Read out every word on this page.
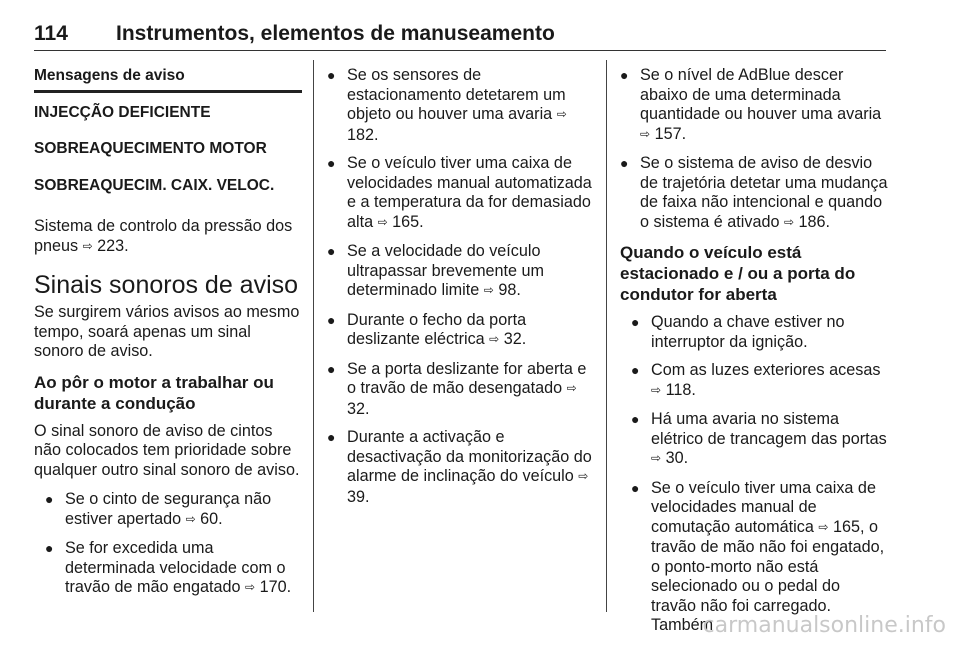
114 Instrumentos, elementos de manuseamento
Mensagens de aviso
INJECÇÃO DEFICIENTE
SOBREAQUECIMENTO MOTOR
SOBREAQUECIM. CAIX. VELOC.

Sistema de controlo da pressão dos pneus ⇨ 223.

Sinais sonoros de aviso

Se surgirem vários avisos ao mesmo tempo, soará apenas um sinal sonoro de aviso.

Ao pôr o motor a trabalhar ou durante a condução

O sinal sonoro de aviso de cintos não colocados tem prioridade sobre qualquer outro sinal sonoro de aviso.

● Se o cinto de segurança não estiver apertado ⇨ 60.
● Se for excedida uma determinada velocidade com o travão de mão engatado ⇨ 170.
● Se os sensores de estacionamento detetarem um objeto ou houver uma avaria ⇨ 182.
● Se o veículo tiver uma caixa de velocidades manual automatizada e a temperatura da for demasiado alta ⇨ 165.
● Se a velocidade do veículo ultrapassar brevemente um determinado limite ⇨ 98.
● Durante o fecho da porta deslizante eléctrica ⇨ 32.
● Se a porta deslizante for aberta e o travão de mão desengatado ⇨ 32.
● Durante a activação e desactivação da monitorização do alarme de inclinação do veículo ⇨ 39.
● Se o nível de AdBlue descer abaixo de uma determinada quantidade ou houver uma avaria ⇨ 157.
● Se o sistema de aviso de desvio de trajetória detetar uma mudança de faixa não intencional e quando o sistema é ativado ⇨ 186.
Quando o veículo está estacionado e / ou a porta do condutor for aberta
● Quando a chave estiver no interruptor da ignição.
● Com as luzes exteriores acesas ⇨ 118.
● Há uma avaria no sistema elétrico de trancagem das portas ⇨ 30.
● Se o veículo tiver uma caixa de velocidades manual de comutação automática ⇨ 165, o travão de mão não foi engatado, o ponto-morto não está selecionado ou o pedal do travão não foi carregado. Também
carmanualsonline.info
